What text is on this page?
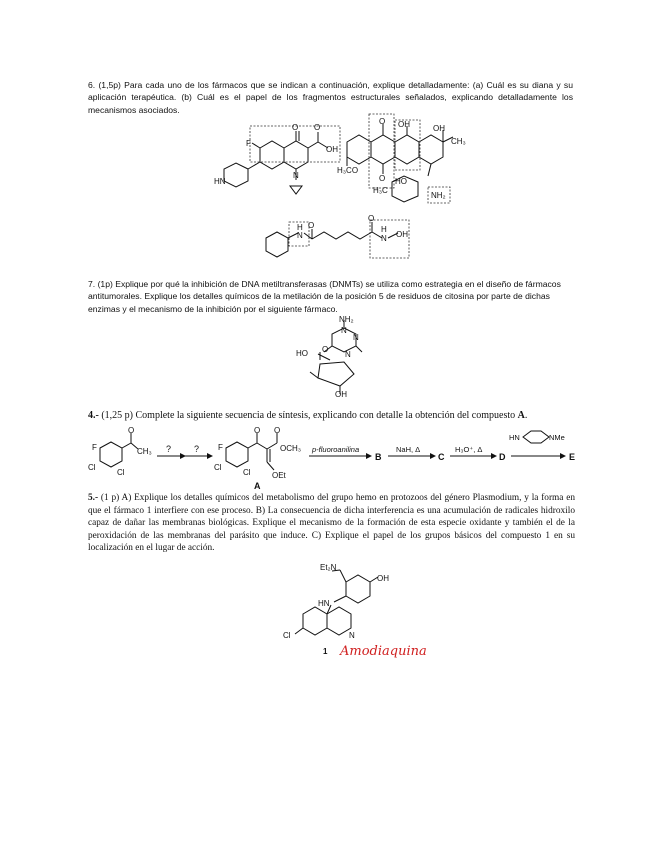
6. (1,5p) Para cada uno de los fármacos que se indican a continuación, explique detalladamente: (a) Cuál es su diana y su aplicación terapéutica. (b) Cuál es el papel de los fragmentos estructurales señalados, explicando detalladamente los mecanismos asociados.
F
O O
OH
N
HN
O
O
OH	OH
CH₃
H₃CO
HO
H₃C
NH₂
H
N
O	H
N OH
O
7. (1p) Explique por qué la inhibición de DNA metiltransferasas (DNMTs) se utiliza como estrategia en el diseño de fármacos antitumorales. Explique los detalles químicos de la metilación de la posición 5 de residuos de citosina por parte de dichas enzimas y el mecanismo de la inhibición por el siguiente fármaco.
NH₂
N
N
N
O
HO
OH
4.- (1,25 p) Complete la siguiente secuencia de síntesis, explicando con detalle la obtención del compuesto A.
F
Cl
Cl
O
CH₃ ?	? F
Cl
Cl
O O
OCH₃
OEt
A
p-fluoroanilina
B
NaH, Δ
C
H₃O⁺, Δ
D
HN	NMe
E
5.- (1 p) A) Explique los detalles químicos del metabolismo del grupo hemo en protozoos del género Plasmodium, y la forma en que el fármaco 1 interfiere con ese proceso. B) La consecuencia de dicha interferencia es una acumulación de radicales hidroxilo capaz de dañar las membranas biológicas. Explique el mecanismo de la formación de esta especie oxidante y también el de la peroxidación de las membranas del parásito que induce. C) Explique el papel de los grupos básicos del compuesto 1 en su localización en el lugar de acción.
Et₂N
OH
HN
Cl	N
1 Amodiaquina
